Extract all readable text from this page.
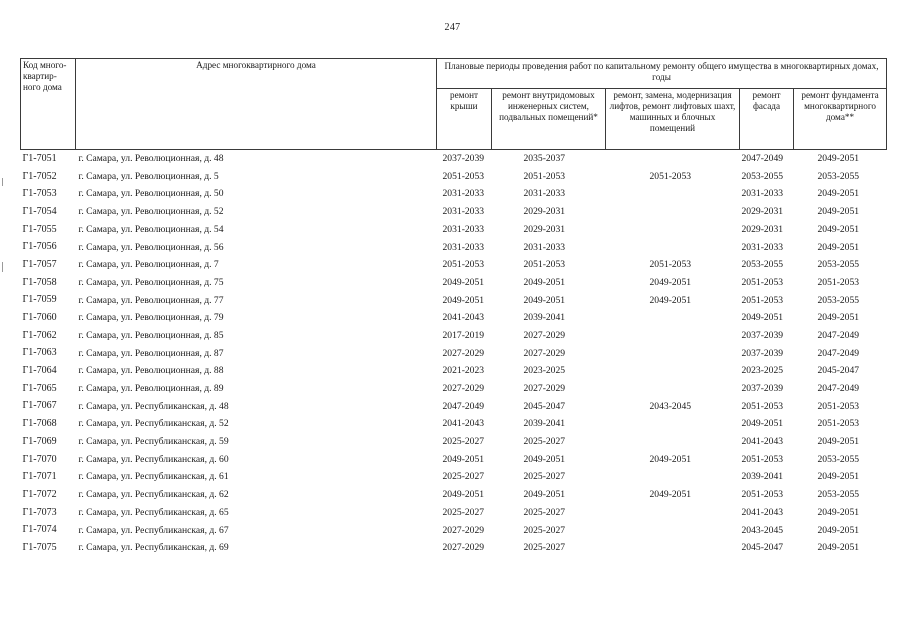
247
Код много-квартир-ного дома	Адрес многоквартирного дома	Плановые периоды проведения работ по капитальному ремонту общего имущества в многоквартирных домах, годы				
		ремонт крыши	ремонт внутридомовых инженерных систем, подвальных помещений*	ремонт, замена, модернизация лифтов, ремонт лифтовых шахт, машинных и блочных помещений	ремонт фасада	ремонт фундамента многоквартирного дома**
Г1-7051	г. Самара, ул. Революционная, д. 48	2037-2039	2035-2037		2047-2049	2049-2051
Г1-7052	г. Самара, ул. Революционная, д. 5	2051-2053	2051-2053	2051-2053	2053-2055	2053-2055
Г1-7053	г. Самара, ул. Революционная, д. 50	2031-2033	2031-2033		2031-2033	2049-2051
Г1-7054	г. Самара, ул. Революционная, д. 52	2031-2033	2029-2031		2029-2031	2049-2051
Г1-7055	г. Самара, ул. Революционная, д. 54	2031-2033	2029-2031		2029-2031	2049-2051
Г1-7056	г. Самара, ул. Революционная, д. 56	2031-2033	2031-2033		2031-2033	2049-2051
Г1-7057	г. Самара, ул. Революционная, д. 7	2051-2053	2051-2053	2051-2053	2053-2055	2053-2055
Г1-7058	г. Самара, ул. Революционная, д. 75	2049-2051	2049-2051	2049-2051	2051-2053	2051-2053
Г1-7059	г. Самара, ул. Революционная, д. 77	2049-2051	2049-2051	2049-2051	2051-2053	2053-2055
Г1-7060	г. Самара, ул. Революционная, д. 79	2041-2043	2039-2041		2049-2051	2049-2051
Г1-7062	г. Самара, ул. Революционная, д. 85	2017-2019	2027-2029		2037-2039	2047-2049
Г1-7063	г. Самара, ул. Революционная, д. 87	2027-2029	2027-2029		2037-2039	2047-2049
Г1-7064	г. Самара, ул. Революционная, д. 88	2021-2023	2023-2025		2023-2025	2045-2047
Г1-7065	г. Самара, ул. Революционная, д. 89	2027-2029	2027-2029		2037-2039	2047-2049
Г1-7067	г. Самара, ул. Республиканская, д. 48	2047-2049	2045-2047	2043-2045	2051-2053	2051-2053
Г1-7068	г. Самара, ул. Республиканская, д. 52	2041-2043	2039-2041		2049-2051	2051-2053
Г1-7069	г. Самара, ул. Республиканская, д. 59	2025-2027	2025-2027		2041-2043	2049-2051
Г1-7070	г. Самара, ул. Республиканская, д. 60	2049-2051	2049-2051	2049-2051	2051-2053	2053-2055
Г1-7071	г. Самара, ул. Республиканская, д. 61	2025-2027	2025-2027		2039-2041	2049-2051
Г1-7072	г. Самара, ул. Республиканская, д. 62	2049-2051	2049-2051	2049-2051	2051-2053	2053-2055
Г1-7073	г. Самара, ул. Республиканская, д. 65	2025-2027	2025-2027		2041-2043	2049-2051
Г1-7074	г. Самара, ул. Республиканская, д. 67	2027-2029	2025-2027		2043-2045	2049-2051
Г1-7075	г. Самара, ул. Республиканская, д. 69	2027-2029	2025-2027		2045-2047	2049-2051
